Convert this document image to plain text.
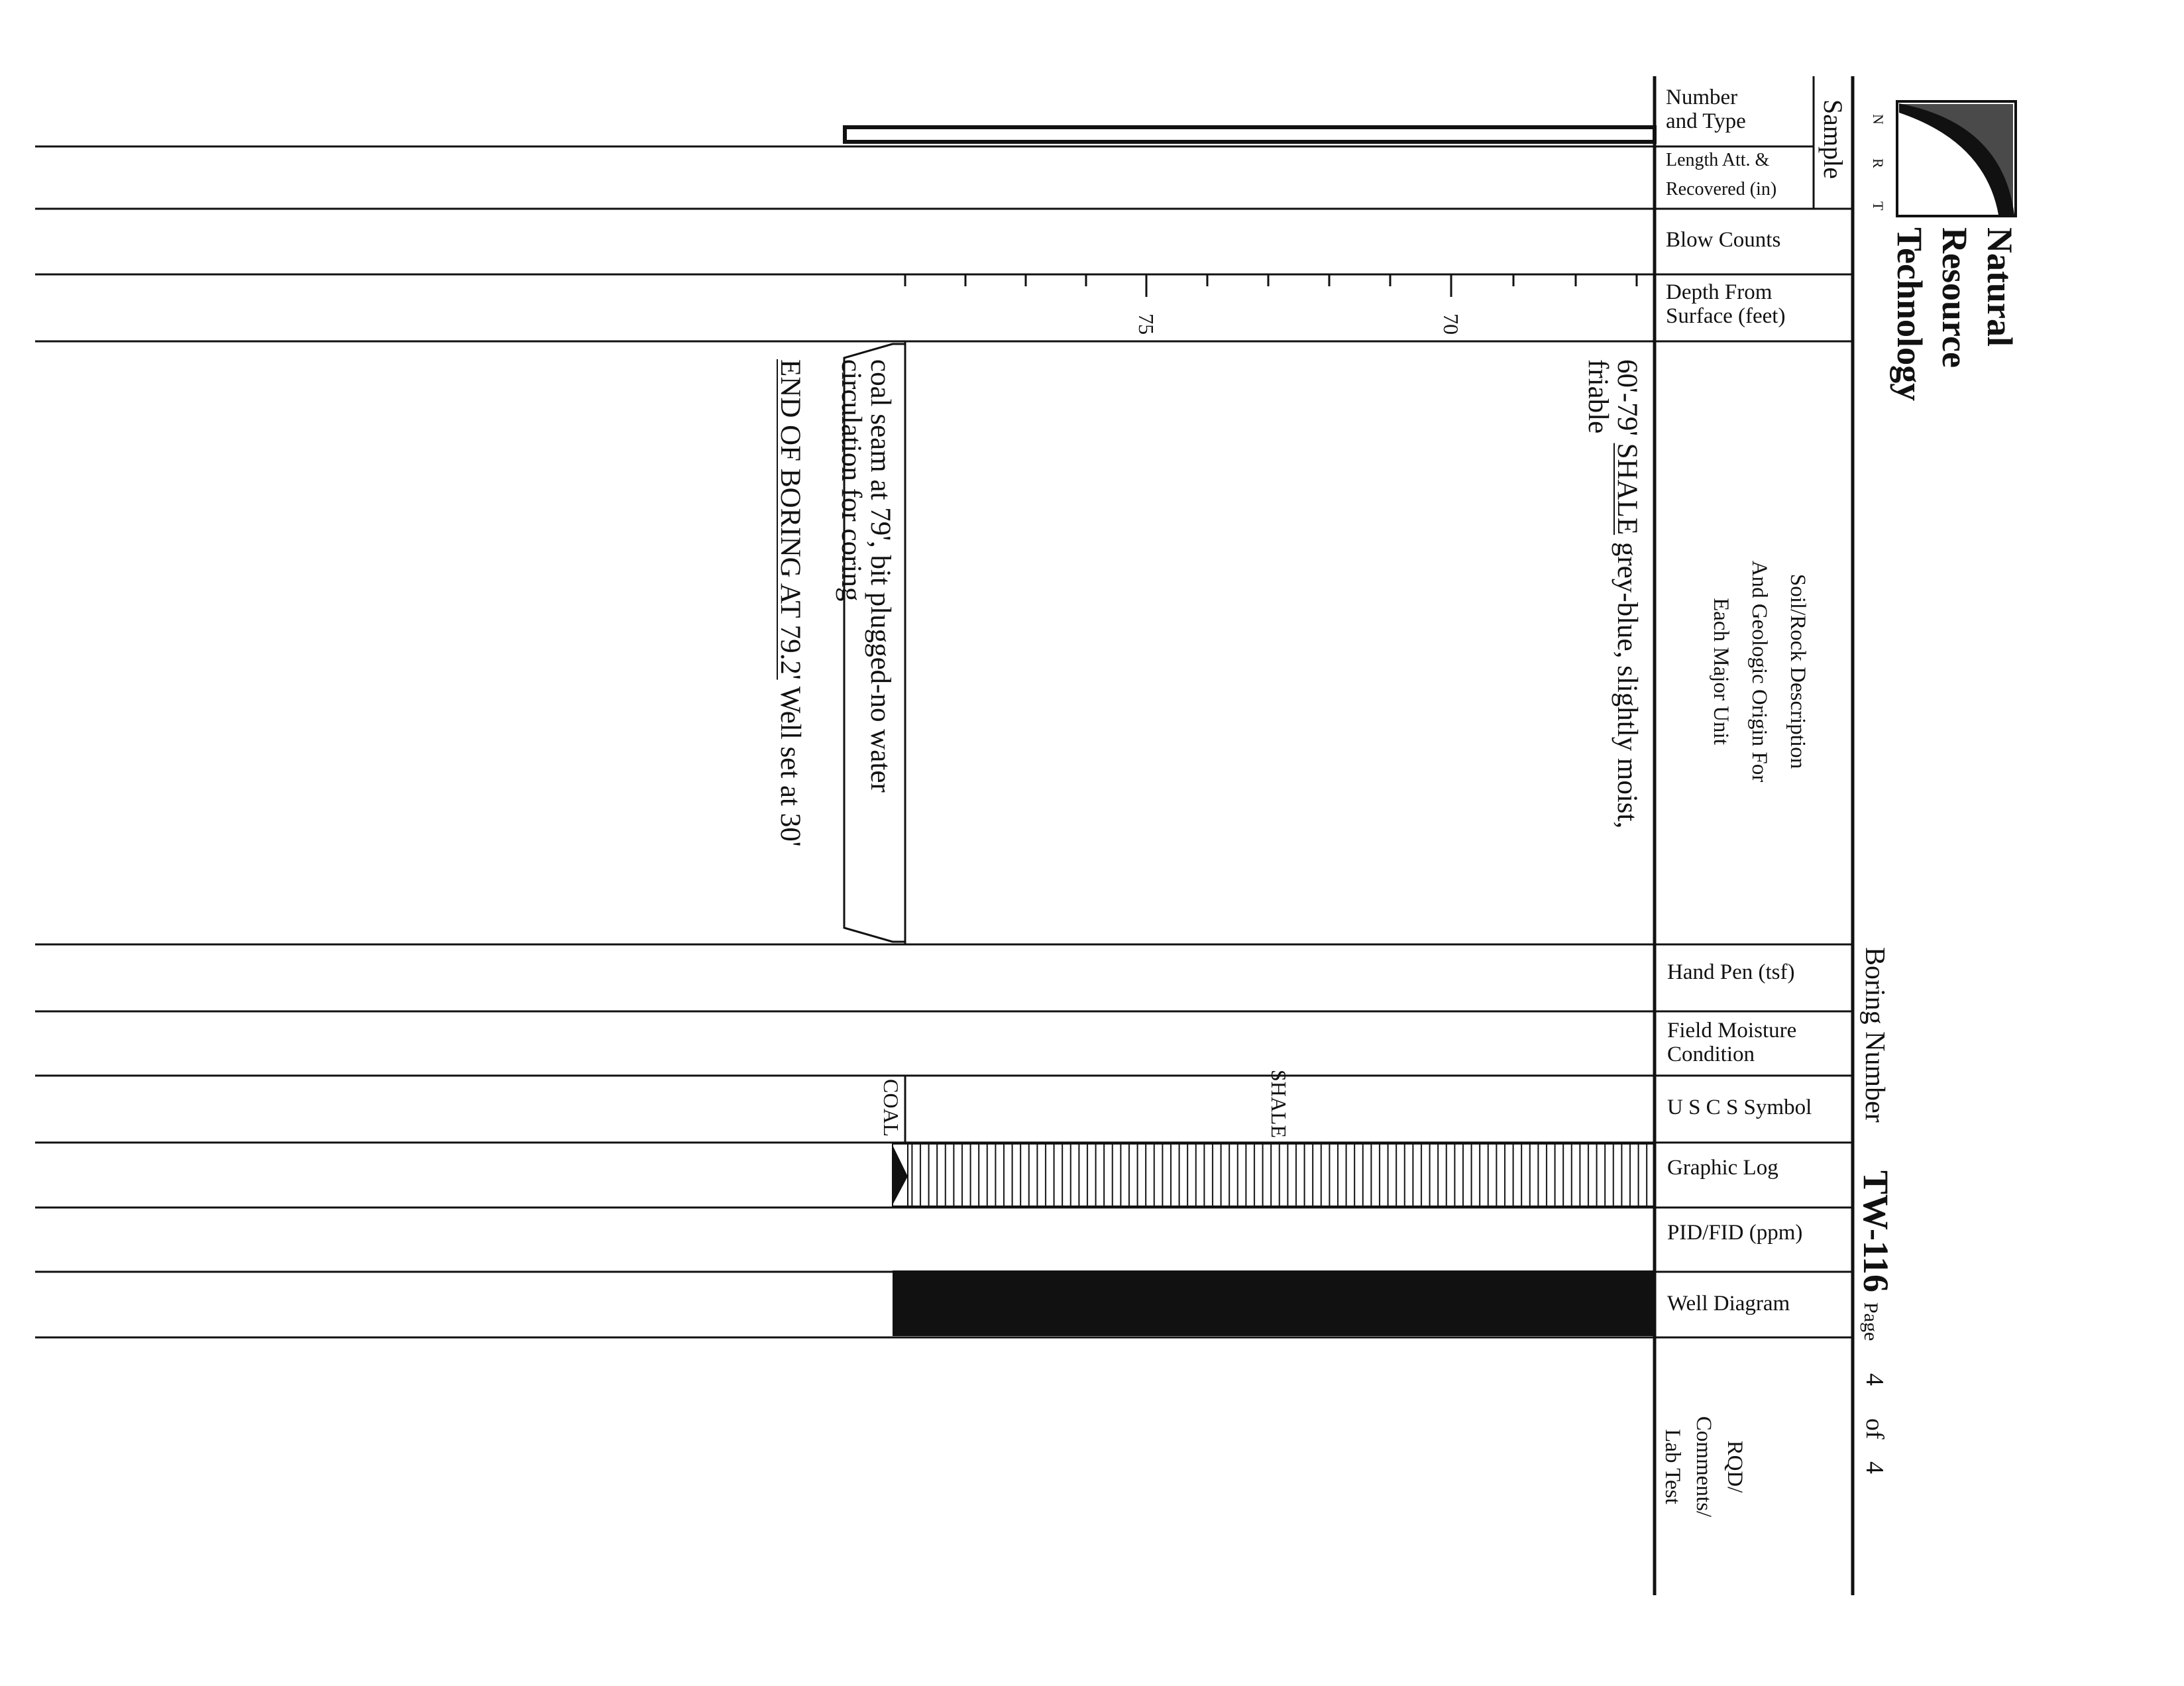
N
R
T
Natural
Resource
Technology
Boring Number
TW-116
Page
4
of
4
Sample
Number
and Type
Length Att. &
Recovered (in)
Blow Counts
Depth From
Surface (feet)
Soil/Rock Description
And Geologic Origin For
Each Major Unit
Hand Pen (tsf)
Field Moisture
Condition
U S C S Symbol
Graphic Log
PID/FID (ppm)
Well Diagram
RQD/
Comments/
Lab Test
75	70
60'-79' SHALE grey-blue, slightly moist,
friable
coal seam at 79', bit plugged-no water
circulation for coring
END OF BORING AT 79.2' Well set at 30'
SHALE
COAL
